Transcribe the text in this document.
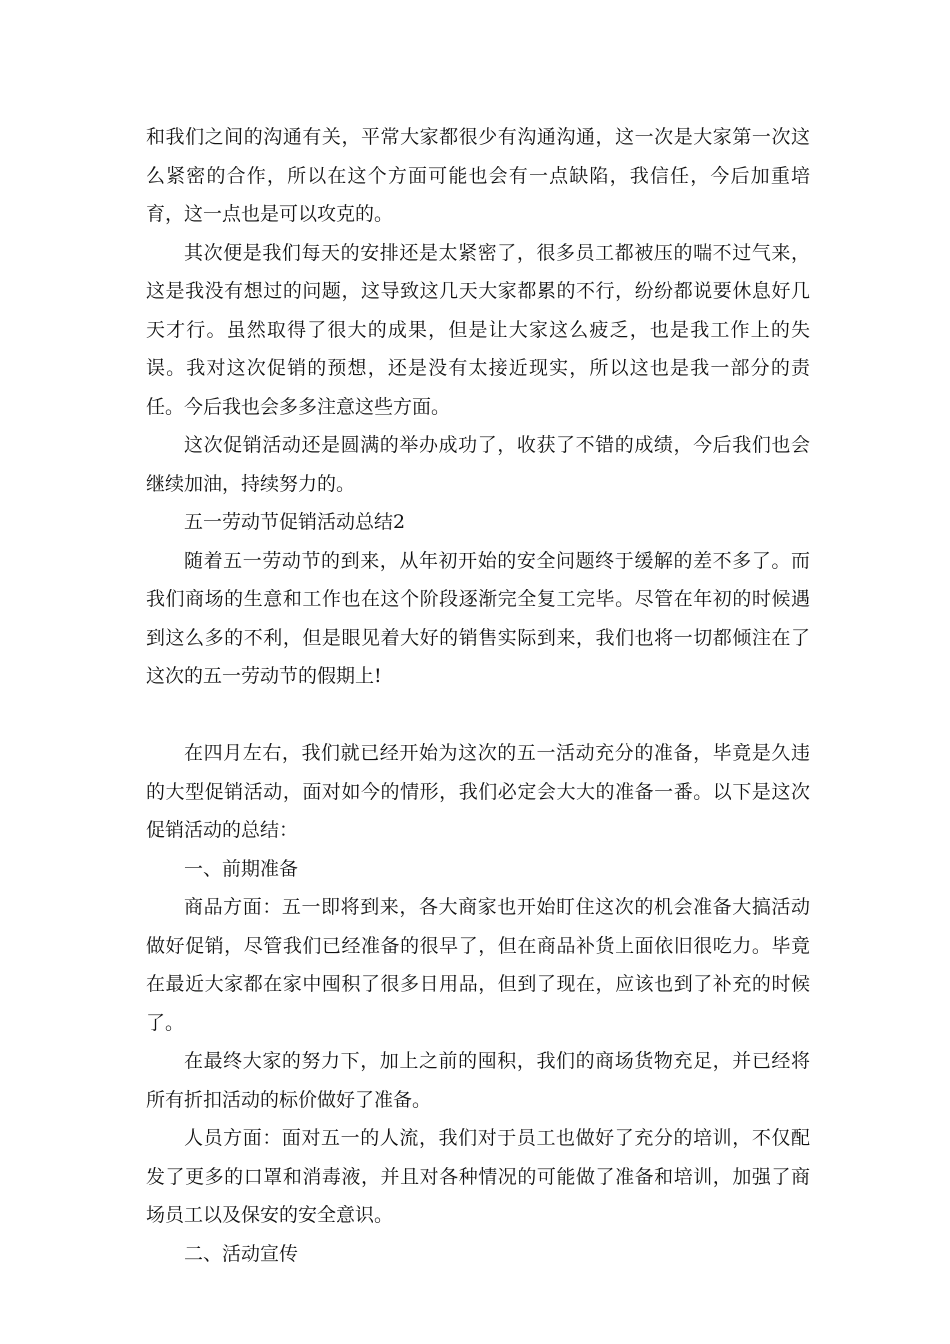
和我们之间的沟通有关，平常大家都很少有沟通沟通，这一次是大家第一次这么紧密的合作，所以在这个方面可能也会有一点缺陷，我信任，今后加重培育，这一点也是可以攻克的。

其次便是我们每天的安排还是太紧密了，很多员工都被压的喘不过气来，这是我没有想过的问题，这导致这几天大家都累的不行，纷纷都说要休息好几天才行。虽然取得了很大的成果，但是让大家这么疲乏，也是我工作上的失误。我对这次促销的预想，还是没有太接近现实，所以这也是我一部分的责任。今后我也会多多注意这些方面。

这次促销活动还是圆满的举办成功了，收获了不错的成绩，今后我们也会继续加油，持续努力的。

五一劳动节促销活动总结2

随着五一劳动节的到来，从年初开始的安全问题终于缓解的差不多了。而我们商场的生意和工作也在这个阶段逐渐完全复工完毕。尽管在年初的时候遇到这么多的不利，但是眼见着大好的销售实际到来，我们也将一切都倾注在了这次的五一劳动节的假期上!

在四月左右，我们就已经开始为这次的五一活动充分的准备，毕竟是久违的大型促销活动，面对如今的情形，我们必定会大大的准备一番。以下是这次促销活动的总结：

一、前期准备

商品方面：五一即将到来，各大商家也开始盯住这次的机会准备大搞活动做好促销，尽管我们已经准备的很早了，但在商品补货上面依旧很吃力。毕竟在最近大家都在家中囤积了很多日用品，但到了现在，应该也到了补充的时候了。

在最终大家的努力下，加上之前的囤积，我们的商场货物充足，并已经将所有折扣活动的标价做好了准备。

人员方面：面对五一的人流，我们对于员工也做好了充分的培训，不仅配发了更多的口罩和消毒液，并且对各种情况的可能做了准备和培训，加强了商场员工以及保安的安全意识。

二、活动宣传
